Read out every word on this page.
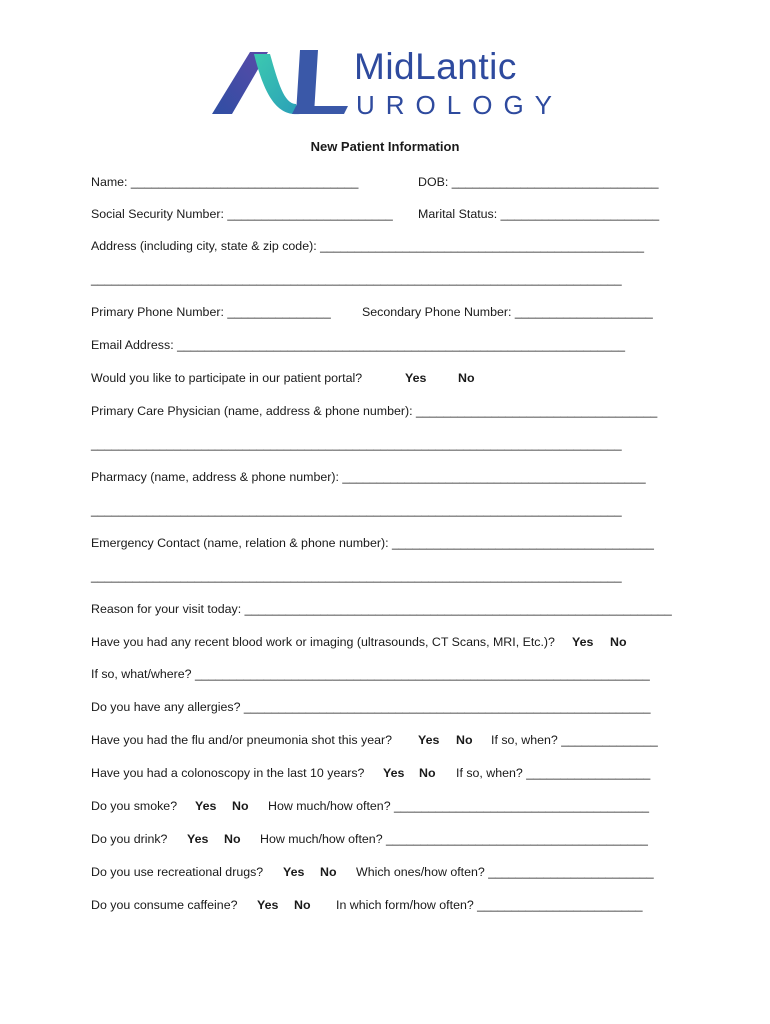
MidLantic
UROLOGY
New Patient Information
Name: _________________________________	DOB: ______________________________
Social Security Number: ________________________ Marital Status: _______________________
Address (including city, state & zip code): _______________________________________________
_____________________________________________________________________________
Primary Phone Number: _______________	Secondary Phone Number: ____________________
Email Address: _________________________________________________________________
Would you like to participate in our patient portal?	Yes	No
Primary Care Physician (name, address & phone number): ___________________________________
_____________________________________________________________________________
Pharmacy (name, address & phone number): ____________________________________________
_____________________________________________________________________________
Emergency Contact (name, relation & phone number): ______________________________________
_____________________________________________________________________________
Reason for your visit today: ______________________________________________________________
Have you had any recent blood work or imaging (ultrasounds, CT Scans, MRI, Etc.)? Yes No
If so, what/where? __________________________________________________________________
Do you have any allergies? ___________________________________________________________
Have you had the flu and/or pneumonia shot this year? Yes No If so, when? ______________
Have you had a colonoscopy in the last 10 years? Yes No If so, when? __________________
Do you smoke? Yes No How much/how often? _____________________________________
Do you drink? Yes No How much/how often? ______________________________________
Do you use recreational drugs? Yes No Which ones/how often? ________________________
Do you consume caffeine? Yes No In which form/how often? ________________________
